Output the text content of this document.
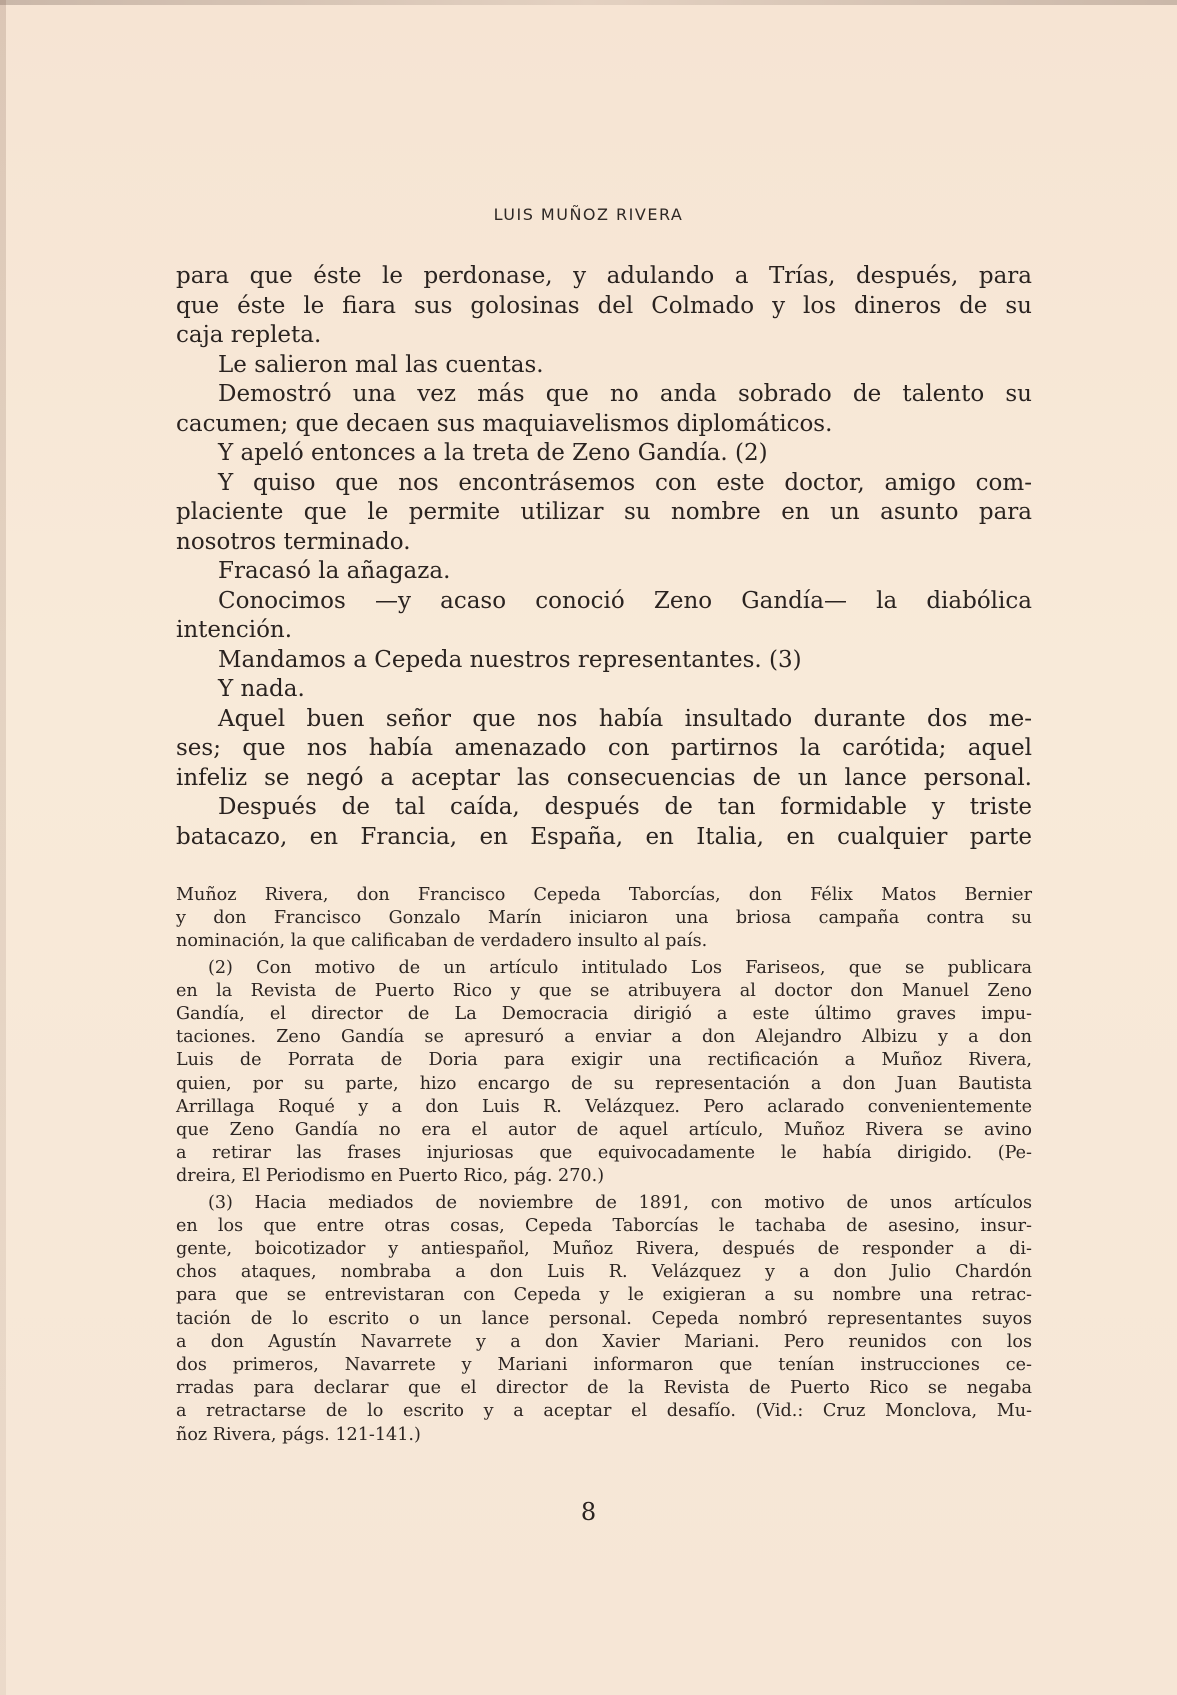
LUIS MUÑOZ RIVERA
para que éste le perdonase, y adulando a Trías, después, para
que éste le fiara sus golosinas del Colmado y los dineros de su
caja repleta.
Le salieron mal las cuentas.
Demostró una vez más que no anda sobrado de talento su
cacumen; que decaen sus maquiavelismos diplomáticos.
Y apeló entonces a la treta de Zeno Gandía. (2)
Y quiso que nos encontrásemos con este doctor, amigo com-
placiente que le permite utilizar su nombre en un asunto para
nosotros terminado.
Fracasó la añagaza.
Conocimos —y acaso conoció Zeno Gandía— la diabólica
intención.
Mandamos a Cepeda nuestros representantes. (3)
Y nada.
Aquel buen señor que nos había insultado durante dos me-
ses; que nos había amenazado con partirnos la carótida; aquel
infeliz se negó a aceptar las consecuencias de un lance personal.
Después de tal caída, después de tan formidable y triste
batacazo, en Francia, en España, en Italia, en cualquier parte
Muñoz Rivera, don Francisco Cepeda Taborcías, don Félix Matos Bernier
y don Francisco Gonzalo Marín iniciaron una briosa campaña contra su
nominación, la que calificaban de verdadero insulto al país.
(2) Con motivo de un artículo intitulado Los Fariseos, que se publicara
en la Revista de Puerto Rico y que se atribuyera al doctor don Manuel Zeno
Gandía, el director de La Democracia dirigió a este último graves impu-
taciones. Zeno Gandía se apresuró a enviar a don Alejandro Albizu y a don
Luis de Porrata de Doria para exigir una rectificación a Muñoz Rivera,
quien, por su parte, hizo encargo de su representación a don Juan Bautista
Arrillaga Roqué y a don Luis R. Velázquez. Pero aclarado convenientemente
que Zeno Gandía no era el autor de aquel artículo, Muñoz Rivera se avino
a retirar las frases injuriosas que equivocadamente le había dirigido. (Pe-
dreira, El Periodismo en Puerto Rico, pág. 270.)
(3) Hacia mediados de noviembre de 1891, con motivo de unos artículos
en los que entre otras cosas, Cepeda Taborcías le tachaba de asesino, insur-
gente, boicotizador y antiespañol, Muñoz Rivera, después de responder a di-
chos ataques, nombraba a don Luis R. Velázquez y a don Julio Chardón
para que se entrevistaran con Cepeda y le exigieran a su nombre una retrac-
tación de lo escrito o un lance personal. Cepeda nombró representantes suyos
a don Agustín Navarrete y a don Xavier Mariani. Pero reunidos con los
dos primeros, Navarrete y Mariani informaron que tenían instrucciones ce-
rradas para declarar que el director de la Revista de Puerto Rico se negaba
a retractarse de lo escrito y a aceptar el desafío. (Vid.: Cruz Monclova, Mu-
ñoz Rivera, págs. 121-141.)
8
